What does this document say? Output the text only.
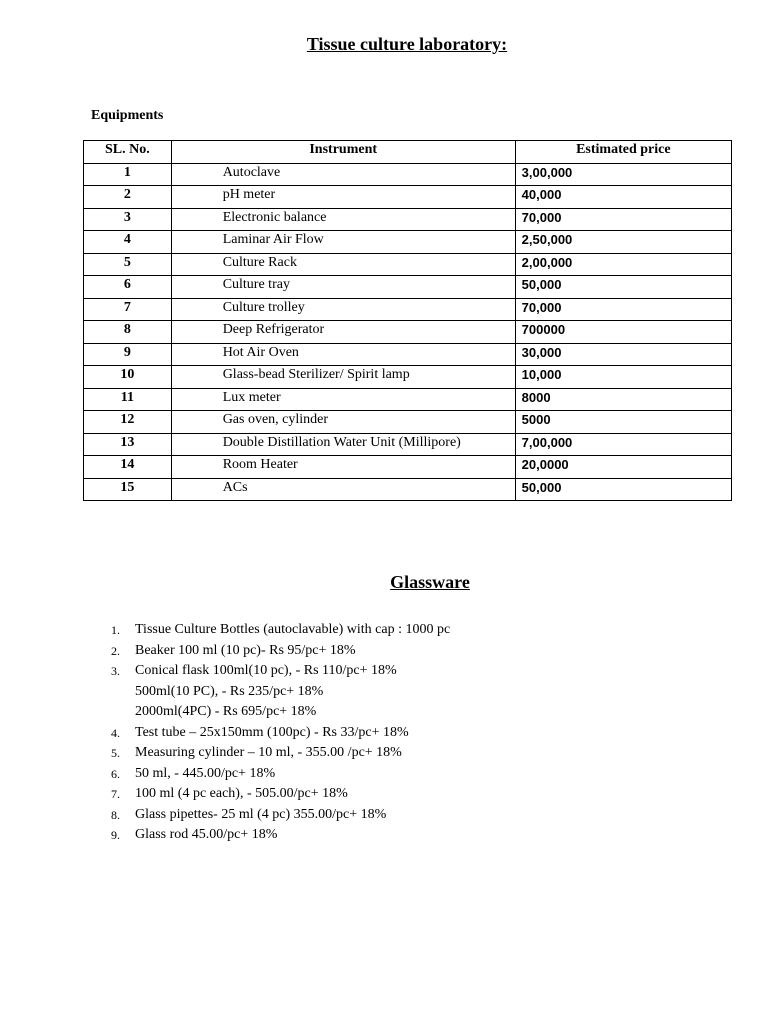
Tissue culture laboratory:
Equipments
SL. No.	Instrument	Estimated price
1	Autoclave	3,00,000
2	pH meter	40,000
3	Electronic balance	70,000
4	Laminar Air Flow	2,50,000
5	Culture Rack	2,00,000
6	Culture tray	50,000
7	Culture trolley	70,000
8	Deep Refrigerator	700000
9	Hot Air Oven	30,000
10	Glass-bead Sterilizer/ Spirit lamp	10,000
11	Lux meter	8000
12	Gas oven, cylinder	5000
13	Double Distillation Water Unit (Millipore)	7,00,000
14	Room Heater	20,0000
15	ACs	50,000
Glassware
1. Tissue Culture Bottles (autoclavable) with cap : 1000 pc
2. Beaker 100 ml (10 pc)- Rs 95/pc+ 18%
3. Conical flask 100ml(10 pc), - Rs 110/pc+ 18%
500ml(10 PC), - Rs 235/pc+ 18%
2000ml(4PC) - Rs 695/pc+ 18%
4. Test tube – 25x150mm (100pc) - Rs 33/pc+ 18%
5. Measuring cylinder – 10 ml, - 355.00 /pc+ 18%
6. 50 ml, - 445.00/pc+ 18%
7. 100 ml (4 pc each), - 505.00/pc+ 18%
8. Glass pipettes- 25 ml (4 pc) 355.00/pc+ 18%
9. Glass rod 45.00/pc+ 18%
